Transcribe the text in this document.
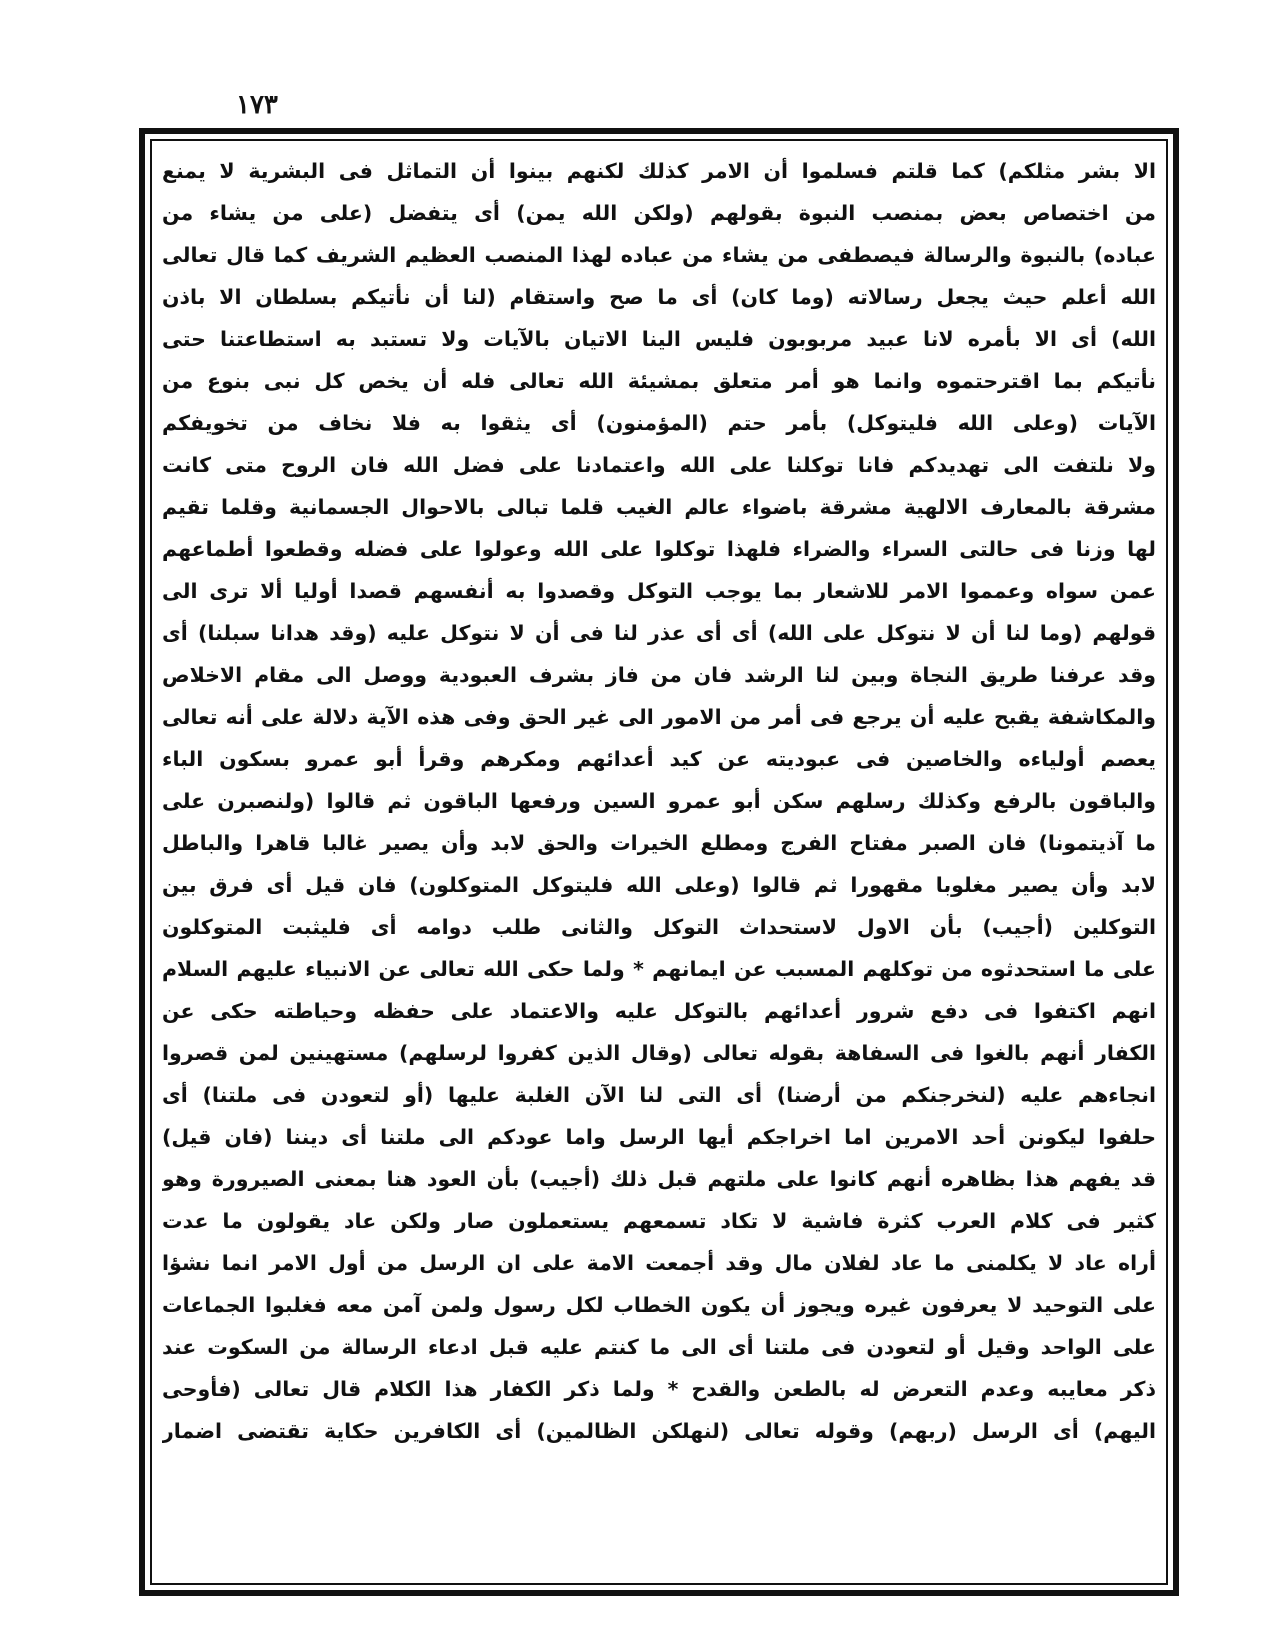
١٧٣
الا بشر مثلكم) كما قلتم فسلموا أن الامر كذلك لكنهم بينوا أن التماثل فى البشرية لا يمنع
من اختصاص بعض بمنصب النبوة بقولهم (ولكن الله يمن) أى يتفضل (على من يشاء من
عباده) بالنبوة والرسالة فيصطفى من يشاء من عباده لهذا المنصب العظيم الشريف كما قال تعالى
الله أعلم حيث يجعل رسالاته (وما كان) أى ما صح واستقام (لنا أن نأتيكم بسلطان الا باذن
الله) أى الا بأمره لانا عبيد مربوبون فليس الينا الاتيان بالآيات ولا تستبد به استطاعتنا حتى
نأتيكم بما اقترحتموه وانما هو أمر متعلق بمشيئة الله تعالى فله أن يخص كل نبى بنوع من
الآيات (وعلى الله فليتوكل) بأمر حتم (المؤمنون) أى يثقوا به فلا نخاف من تخويفكم
ولا نلتفت الى تهديدكم فانا توكلنا على الله واعتمادنا على فضل الله فان الروح متى كانت
مشرقة بالمعارف الالهية مشرقة باضواء عالم الغيب قلما تبالى بالاحوال الجسمانية وقلما تقيم
لها وزنا فى حالتى السراء والضراء فلهذا توكلوا على الله وعولوا على فضله وقطعوا أطماعهم
عمن سواه وعمموا الامر للاشعار بما يوجب التوكل وقصدوا به أنفسهم قصدا أوليا ألا ترى الى
قولهم (وما لنا أن لا نتوكل على الله) أى أى عذر لنا فى أن لا نتوكل عليه (وقد هدانا سبلنا) أى
وقد عرفنا طريق النجاة وبين لنا الرشد فان من فاز بشرف العبودية ووصل الى مقام الاخلاص
والمكاشفة يقبح عليه أن يرجع فى أمر من الامور الى غير الحق وفى هذه الآية دلالة على أنه تعالى
يعصم أولياءه والخاصين فى عبوديته عن كيد أعدائهم ومكرهم وقرأ أبو عمرو بسكون الباء
والباقون بالرفع وكذلك رسلهم سكن أبو عمرو السين ورفعها الباقون ثم قالوا (ولنصبرن على
ما آذيتمونا) فان الصبر مفتاح الفرج ومطلع الخيرات والحق لابد وأن يصير غالبا قاهرا والباطل
لابد وأن يصير مغلوبا مقهورا ثم قالوا (وعلى الله فليتوكل المتوكلون) فان قيل أى فرق بين
التوكلين (أجيب) بأن الاول لاستحداث التوكل والثانى طلب دوامه أى فليثبت المتوكلون
على ما استحدثوه من توكلهم المسبب عن ايمانهم * ولما حكى الله تعالى عن الانبياء عليهم السلام
انهم اكتفوا فى دفع شرور أعدائهم بالتوكل عليه والاعتماد على حفظه وحياطته حكى عن
الكفار أنهم بالغوا فى السفاهة بقوله تعالى (وقال الذين كفروا لرسلهم) مستهينين لمن قصروا
انجاءهم عليه (لنخرجنكم من أرضنا) أى التى لنا الآن الغلبة عليها (أو لتعودن فى ملتنا) أى
حلفوا ليكونن أحد الامرين اما اخراجكم أيها الرسل واما عودكم الى ملتنا أى ديننا (فان قيل)
قد يفهم هذا بظاهره أنهم كانوا على ملتهم قبل ذلك (أجيب) بأن العود هنا بمعنى الصيرورة وهو
كثير فى كلام العرب كثرة فاشية لا تكاد تسمعهم يستعملون صار ولكن عاد يقولون ما عدت
أراه عاد لا يكلمنى ما عاد لفلان مال وقد أجمعت الامة على ان الرسل من أول الامر انما نشؤا
على التوحيد لا يعرفون غيره ويجوز أن يكون الخطاب لكل رسول ولمن آمن معه فغلبوا الجماعات
على الواحد وقيل أو لتعودن فى ملتنا أى الى ما كنتم عليه قبل ادعاء الرسالة من السكوت عند
ذكر معايبه وعدم التعرض له بالطعن والقدح * ولما ذكر الكفار هذا الكلام قال تعالى (فأوحى
اليهم) أى الرسل (ربهم) وقوله تعالى (لنهلكن الظالمين) أى الكافرين حكاية تقتضى اضمار
